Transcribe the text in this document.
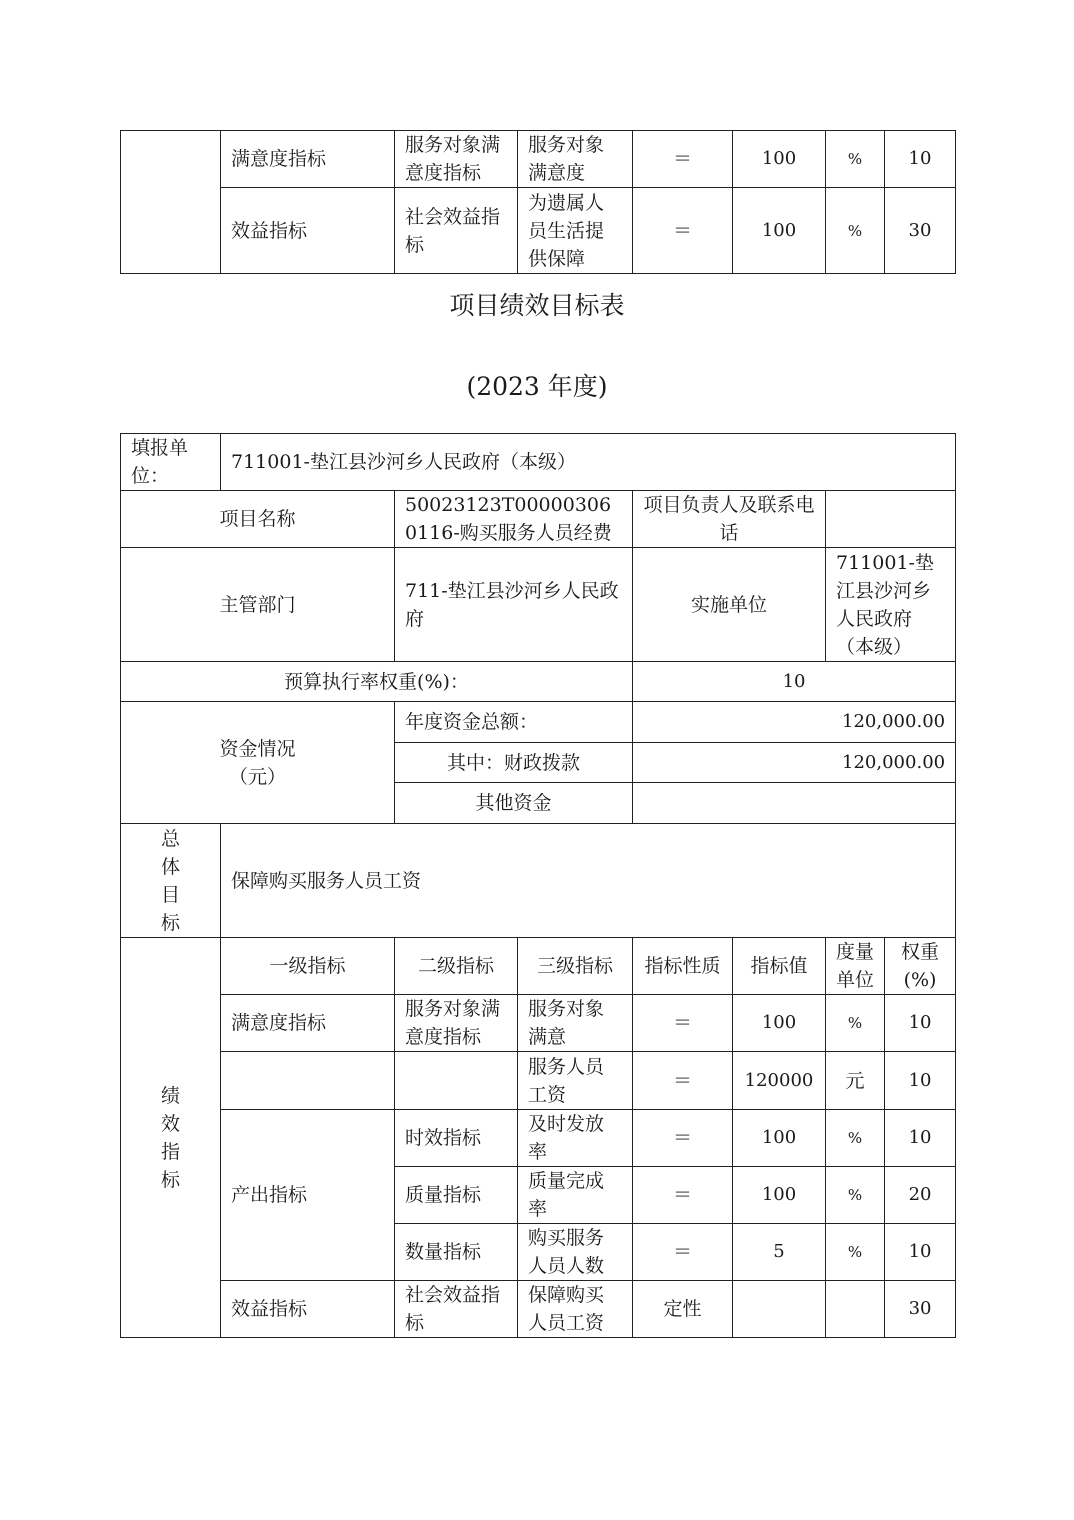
	满意度指标	服务对象满意度指标	服务对象满意度	＝	100	%	10
	效益指标	社会效益指标	为遗属人员生活提供保障	＝	100	%	30
项目绩效目标表
(2023 年度)
填报单位：	711001-垫江县沙河乡人民政府（本级）						
项目名称		50023123T000003060116-购买服务人员经费		项目负责人及联系电话			
主管部门		711-垫江县沙河乡人民政府		实施单位		711001-垫江县沙河乡人民政府（本级）	
预算执行率权重(%)：				10			
资金情况（元）		年度资金总额：		120,000.00			
		其中：财政拨款		120,000.00			
		其他资金					
总体目标	保障购买服务人员工资						
绩效指标	一级指标	二级指标	三级指标	指标性质	指标值	度量单位	权重(%)
	满意度指标	服务对象满意度指标	服务对象满意	＝	100	%	10
			服务人员工资	＝	120000	元	10
	产出指标	时效指标	及时发放率	＝	100	%	10
		质量指标	质量完成率	＝	100	%	20
		数量指标	购买服务人员人数	＝	5	%	10
	效益指标	社会效益指标	保障购买人员工资	定性			30
